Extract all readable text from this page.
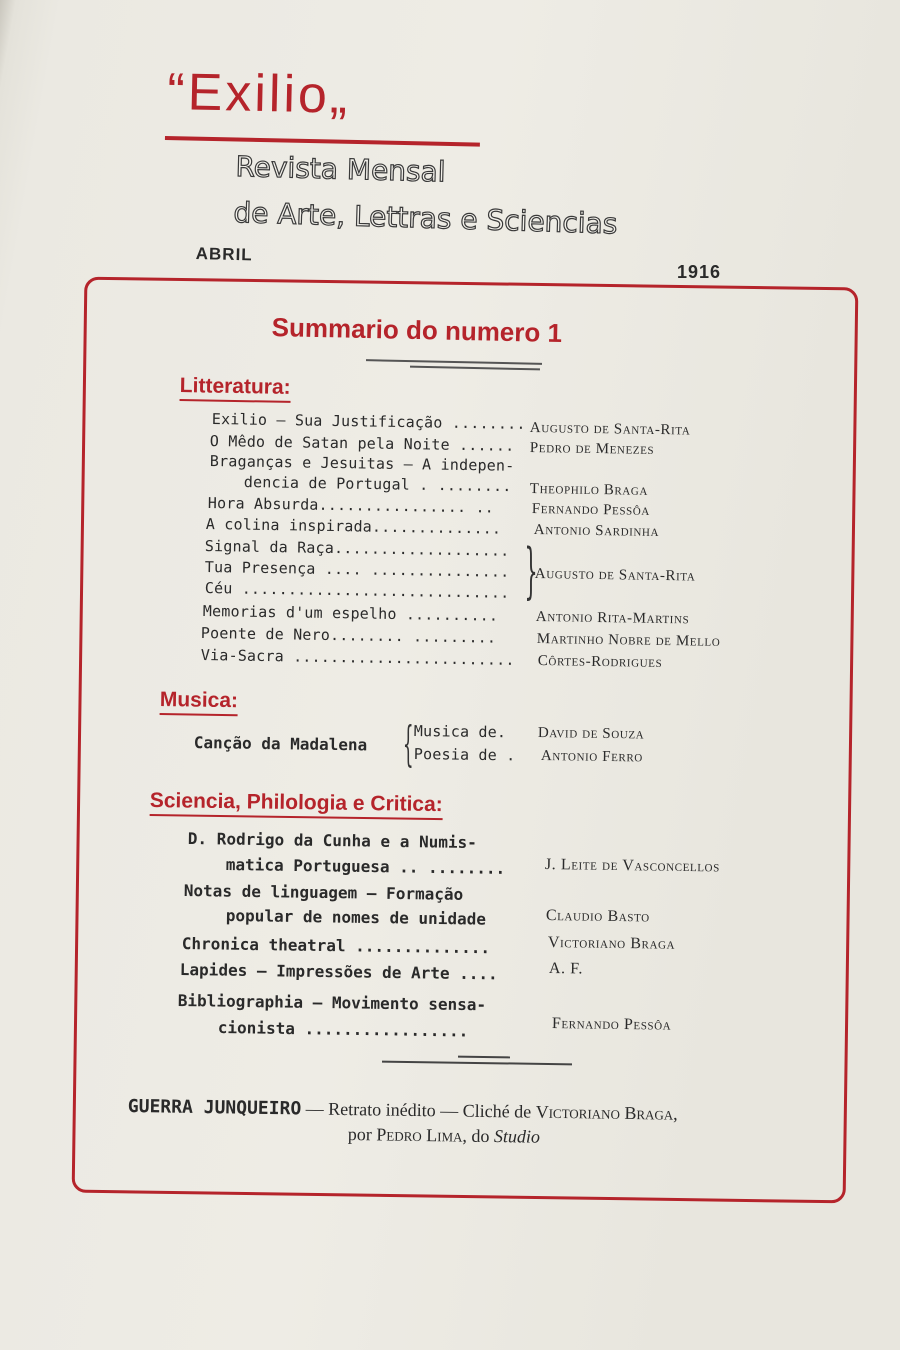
“Exilio„
Revista Mensal
de Arte, Lettras e Sciencias
ABRIL
1916
Summario do numero 1
Litteratura:
Exilio — Sua Justificação ........ Augusto de Santa-Rita
O Mêdo de Satan pela Noite ...... Pedro de Menezes
Braganças e Jesuitas — A indepen-
dencia de Portugal . ........ Theophilo Braga
Hora Absurda................ ..	Fernando Pessôa
A colina inspirada.............. Antonio Sardinha
Signal da Raça...................
Tua Presença .... ...............
Céu ............................. }
Augusto de Santa-Rita
Memorias d'um espelho .......... Antonio Rita-Martins
Poente de Nero........ .........	Martinho Nobre de Mello
Via-Sacra ........................ Côrtes-Rodrigues
Musica:
Canção da Madalena { Musica de. David de Souza
Poesia de . Antonio Ferro
Sciencia, Philologia e Critica:
D. Rodrigo da Cunha e a Numis-
matica Portuguesa .. ........ J. Leite de Vasconcellos
Notas de linguagem — Formação
popular de nomes de unidade	Claudio Basto
Chronica theatral ..............	Victoriano Braga
Lapides — Impressões de Arte ....	A. F.
Bibliographia — Movimento sensa-
cionista .................	Fernando Pessôa
GUERRA JUNQUEIRO — Retrato inédito — Cliché de Victoriano Braga,
por Pedro Lima, do Studio
